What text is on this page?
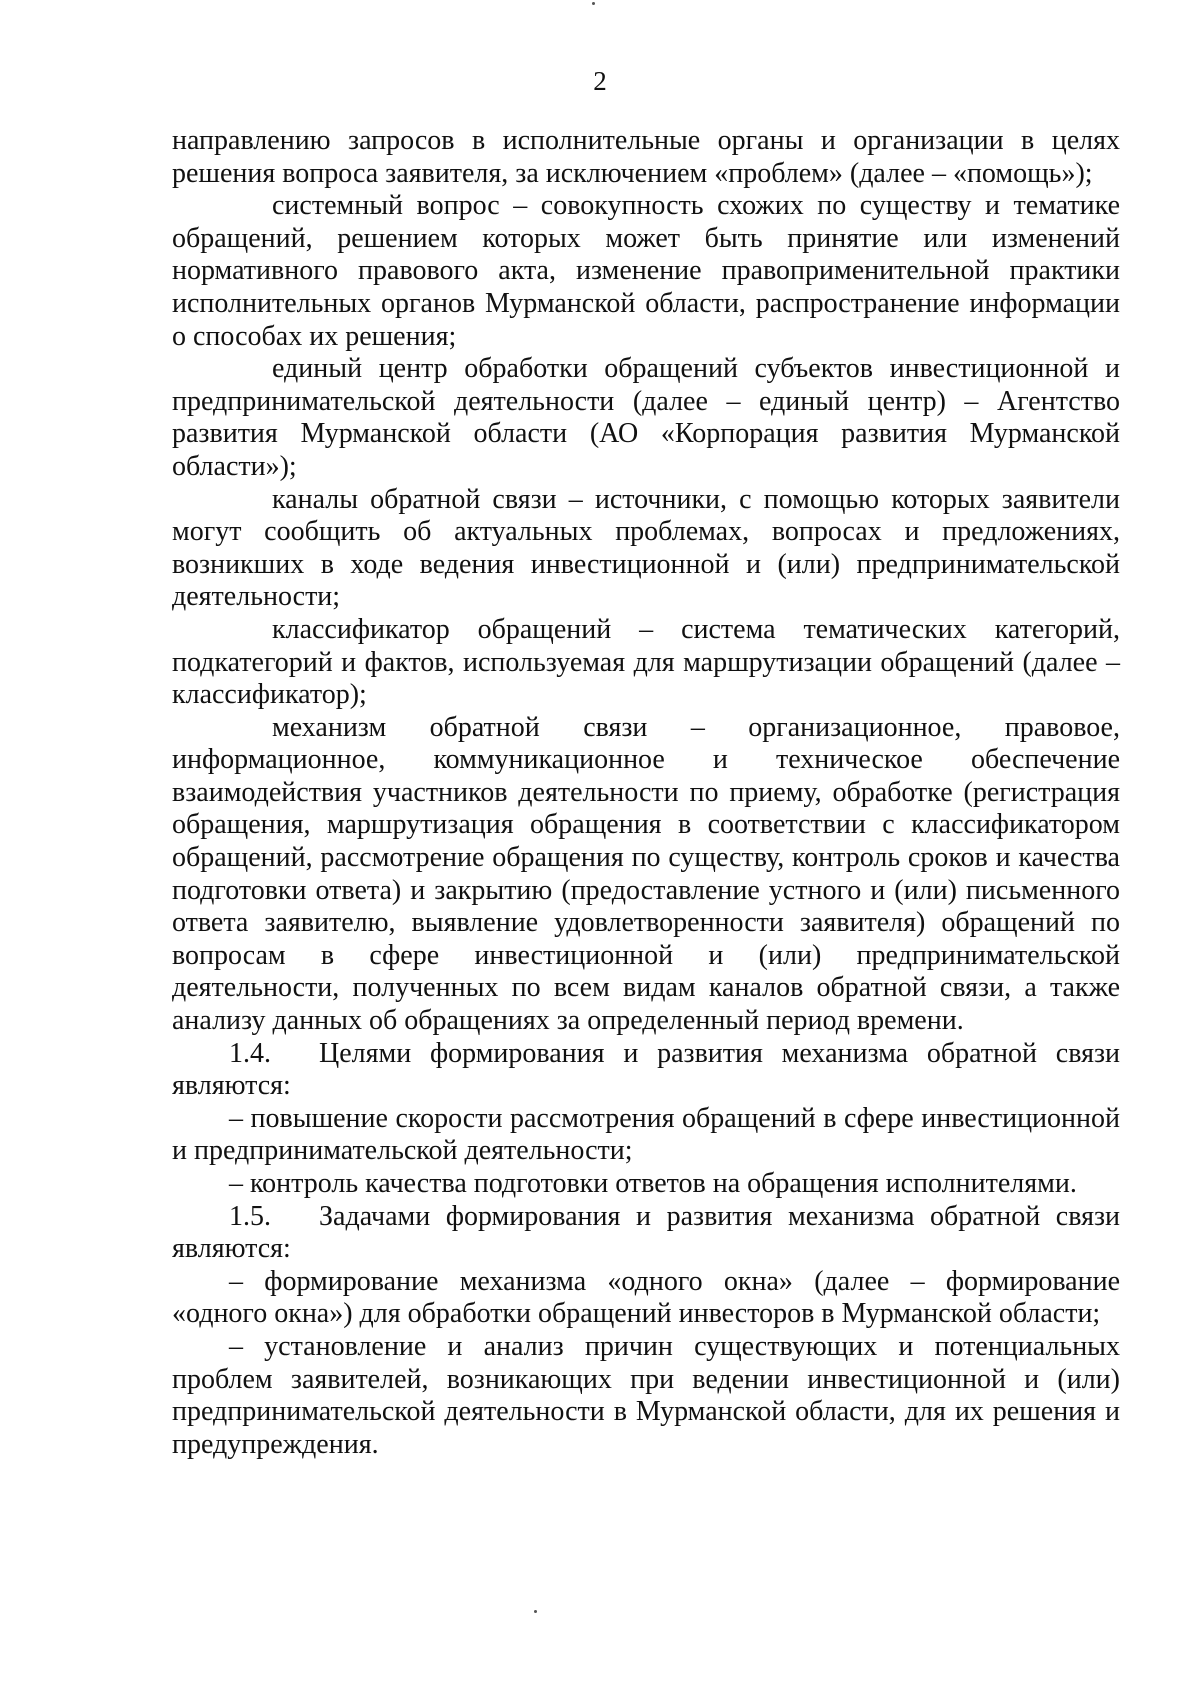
2

направлению запросов в исполнительные органы и организации в целях решения вопроса заявителя, за исключением «проблем» (далее – «помощь»);

системный вопрос – совокупность схожих по существу и тематике обращений, решением которых может быть принятие или изменений нормативного правового акта, изменение правоприменительной практики исполнительных органов Мурманской области, распространение информации о способах их решения;

единый центр обработки обращений субъектов инвестиционной и предпринимательской деятельности (далее – единый центр) – Агентство развития Мурманской области (АО «Корпорация развития Мурманской области»);

каналы обратной связи – источники, с помощью которых заявители могут сообщить об актуальных проблемах, вопросах и предложениях, возникших в ходе ведения инвестиционной и (или) предпринимательской деятельности;

классификатор обращений – система тематических категорий, подкатегорий и фактов, используемая для маршрутизации обращений (далее – классификатор);

механизм обратной связи – организационное, правовое, информационное, коммуникационное и техническое обеспечение взаимодействия участников деятельности по приему, обработке (регистрация обращения, маршрутизация обращения в соответствии с классификатором обращений, рассмотрение обращения по существу, контроль сроков и качества подготовки ответа) и закрытию (предоставление устного и (или) письменного ответа заявителю, выявление удовлетворенности заявителя) обращений по вопросам в сфере инвестиционной и (или) предпринимательской деятельности, полученных по всем видам каналов обратной связи, а также анализу данных об обращениях за определенный период времени.

1.4. Целями формирования и развития механизма обратной связи являются:

– повышение скорости рассмотрения обращений в сфере инвестиционной и предпринимательской деятельности;

– контроль качества подготовки ответов на обращения исполнителями.

1.5. Задачами формирования и развития механизма обратной связи являются:

– формирование механизма «одного окна» (далее – формирование «одного окна») для обработки обращений инвесторов в Мурманской области;

– установление и анализ причин существующих и потенциальных проблем заявителей, возникающих при ведении инвестиционной и (или) предпринимательской деятельности в Мурманской области, для их решения и предупреждения.
